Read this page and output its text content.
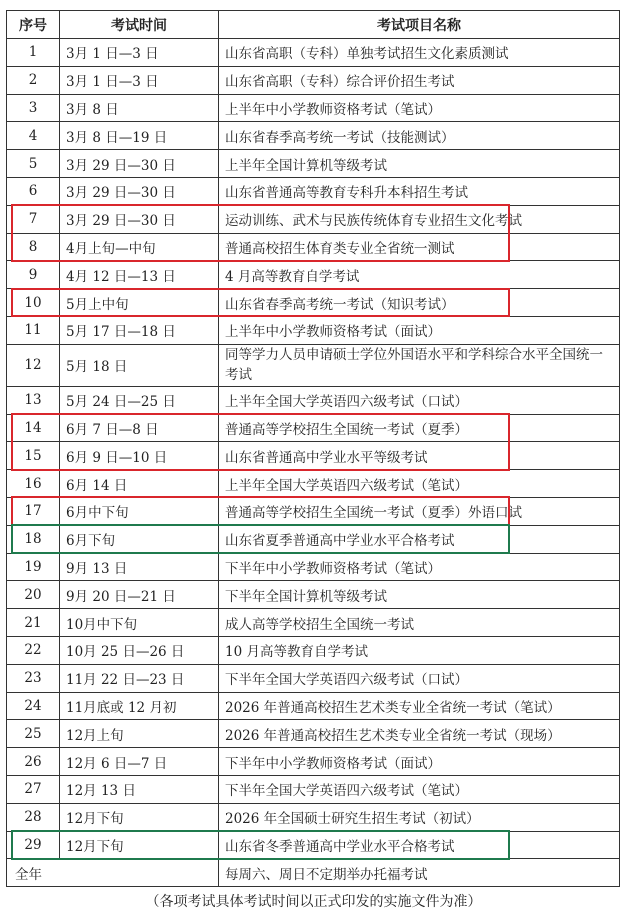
序号	考试时间	考试项目名称
1	3月 1 日—3 日	山东省高职（专科）单独考试招生文化素质测试
2	3月 1 日—3 日	山东省高职（专科）综合评价招生考试
3	3月 8 日	上半年中小学教师资格考试（笔试）
4	3月 8 日—19 日	山东省春季高考统一考试（技能测试）
5	3月 29 日—30 日	上半年全国计算机等级考试
6	3月 29 日—30 日	山东省普通高等教育专科升本科招生考试
7	3月 29 日—30 日	运动训练、武术与民族传统体育专业招生文化考试
8	4月上旬—中旬	普通高校招生体育类专业全省统一测试
9	4月 12 日—13 日	4 月高等教育自学考试
10	5月上中旬	山东省春季高考统一考试（知识考试）
11	5月 17 日—18 日	上半年中小学教师资格考试（面试）
12	5月 18 日	同等学力人员申请硕士学位外国语水平和学科综合水平全国统一考试
13	5月 24 日—25 日	上半年全国大学英语四六级考试（口试）
14	6月 7 日—8 日	普通高等学校招生全国统一考试（夏季）
15	6月 9 日—10 日	山东省普通高中学业水平等级考试
16	6月 14 日	上半年全国大学英语四六级考试（笔试）
17	6月中下旬	普通高等学校招生全国统一考试（夏季）外语口试
18	6月下旬	山东省夏季普通高中学业水平合格考试
19	9月 13 日	下半年中小学教师资格考试（笔试）
20	9月 20 日—21 日	下半年全国计算机等级考试
21	10月中下旬	成人高等学校招生全国统一考试
22	10月 25 日—26 日	10 月高等教育自学考试
23	11月 22 日—23 日	下半年全国大学英语四六级考试（口试）
24	11月底或 12 月初	2026 年普通高校招生艺术类专业全省统一考试（笔试）
25	12月上旬	2026 年普通高校招生艺术类专业全省统一考试（现场）
26	12月 6 日—7 日	下半年中小学教师资格考试（面试）
27	12月 13 日	下半年全国大学英语四六级考试（笔试）
28	12月下旬	2026 年全国硕士研究生招生考试（初试）
29	12月下旬	山东省冬季普通高中学业水平合格考试
全年		每周六、周日不定期举办托福考试
（各项考试具体考试时间以正式印发的实施文件为准）
